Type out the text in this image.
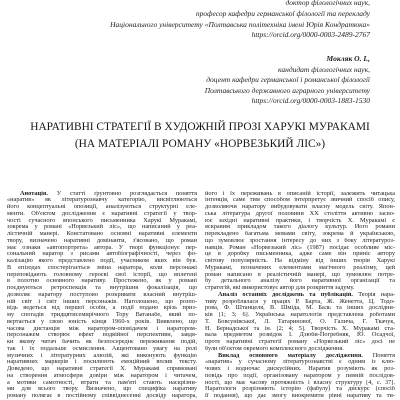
доктор філологічних наук,
професор кафедри германської філології та перекладу
Національного університету «Полтавська політехніка імені Юрія Кондратюка»
https://orcid.org/0000-0003-2489-2767
Мокляк О. І.,
кандидат філологічних наук,
доцент кафедри германської і романської філології
Полтавського державного аграрного університету
https://orcid.org/0000-0003-1883-1530
НАРАТИВНІ СТРАТЕГІЇ В ХУДОЖНІЙ ПРОЗІ ХАРУКІ МУРАКАМІ
(НА МАТЕРІАЛІ РОМАНУ «НОРВЕЗЬКИЙ ЛІС»)
Анотація. У статті ґрунтовно розглядається поняття
«наратив» як літературознавчу категорію, висвітлюються
його концептуальні опозиції, аналізуються структурні еле-
менти. Об'єктом дослідження є наративні стратегії у твор-
чості сучасного японського письменника Харукі Муракамі,
зокрема у романі «Норвезький ліс», що написаний у реа-
лістичній манері. Констатовано основні наративні елементи
твору, визначено наративні домінанти, з'ясовано, що роман
має ознаки «автопортрета» автора. У творі функціонує пер-
сональний наратор з рисами автобіографічності, через фо-
калізацію якого представлено події, учасником яких він був.
В епізодах спостерігається зміна наратора, коли персонажі
переповідають головному героєві свої історії, що вплетені
в полотно основного наративу. Простежено, як у романі
поєднуються ретроспекція та внутрішня фокалізація, що
дозволяє наратору поступово розкривати власний внутріш-
ній світ і світ інших персонажів. Наголошено, що розпо-
відь ведеться від першої особи, а події подано крізь приз-
му спогадів тридцятисемирічного Тору Ватанабе, який по-
вертається у свою юність кінця 1960-х років. Виявлено, що
часова дистанція між наратором-оповідачем і наратором-
персонажем створює ефект подвійної перспективи, завдя-
ки якому читач бачить як безпосереднє переживання подій,
так і їх подальше осмислення. Акцентовано увагу на ролі
музичних і літературних алюзій, які виконують функцію
наративних маркерів і посилюють емоційний вплив тексту.
Доведено, що наративні стратегії Х. Муракамі спрямовані
на створення атмосфери довіри між наратором і читачем,
а мотиви самотності, втрати та пам'яті стають наскрізни-
ми для всього твору. Визначено, що специфіка наративу
роману полягає в постійному співвіднесенні досвіду наратора,
його і їх переживань в описаній історії, залежить читацька
інтенція, саме тим способом інтерпретує звичний спосіб опису,
дозволяючи наратору вибудовувати власну модель світу. Япон-
ська література другої половини ХХ століття активно засво-
ює західні наративні практики, і творчість Х. Муракамі є
яскравим прикладом такого діалогу культур. Його романи
перекладено багатьма мовами світу, зокрема й українською,
що зумовлює зростання інтересу до них з боку літературоз-
навців. Роман «Норвезький ліс» (1987) посідає особливе міс-
це в доробку письменника, адже саме він приніс автору
світову популярність. На відміну від інших творів Харукі
Муракамі, позначених елементами магічного реалізму, цей
роман написано в реалістичній манері, що зумовлює потре-
бу детального аналізу його наративної організації та
стратегій, які використовує автор для розкриття задуму.
Аналіз останніх досліджень та публікацій. Теорія нара-
тиву розроблялася у працях Р. Барта, Ж. Женетта, Ц. Тодо-
рова, Ф. Штанцеля, В. Шміда, М. Баль та інших дослідни-
ків [1; 3; 6]. Українська наратологія представлена роботами
Т. Бовсунівської, Л. Татаринової, О. Галича, Г. Ткачук,
Н. Бернадської та ін. [2; 4; 5]. Творчість Х. Муракамі ста-
вала предметом розвідок І. Дзюби-Погребняк, Ю. Осадчої,
проте наративні стратегії роману «Норвезький ліс» досі не
були об'єктом окремого комплексного дослідження.
Виклад основного матеріалу дослідження. Поняття
«наратив» у сучасному літературознавстві є одним із клю-
чових і водночас дискусійних. Наратив розуміють як роз-
повідь про події, організовану наратором у певній послідов-
ності, що має часову протяжність і власну структуру [4, с. 37].
Наратологи розрізняють історію (фабулу) та дискурс (спосіб
її подання), що дає змогу виокремити рівні наративу та ти-
